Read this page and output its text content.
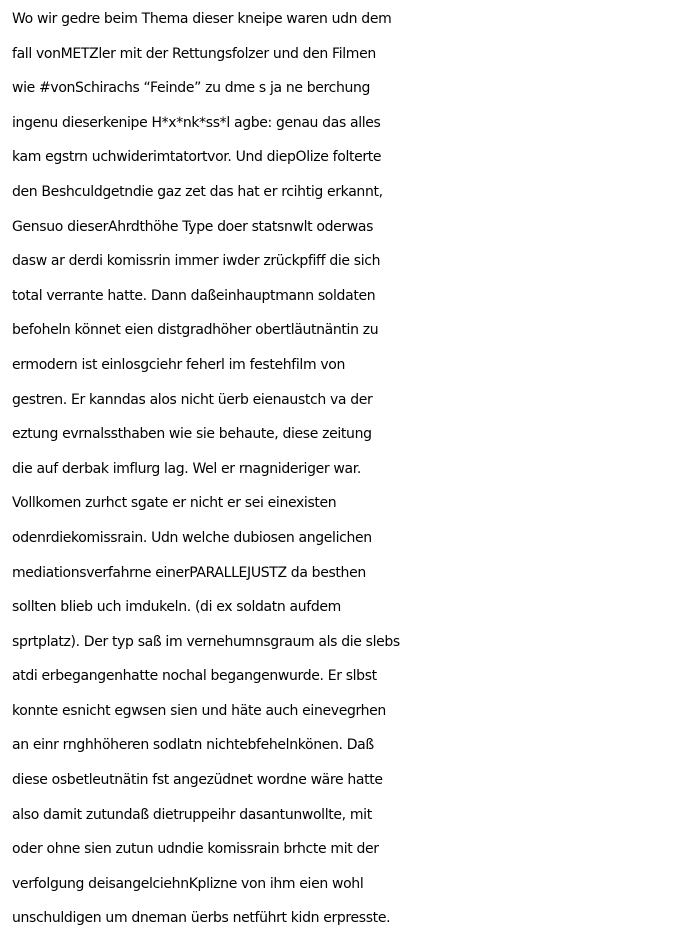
Wo wir gedre beim Thema dieser kneipe waren udn dem
fall vonMETZler mit der Rettungsfolzer und den Filmen
wie #vonSchirachs “Feinde” zu dme s ja ne berchung
ingenu dieserkenipe H*x*nk*ss*l agbe: genau das alles
kam egstrn uchwiderimtatortvor. Und diepOlize folterte
den Beshculdgetndie gaz zet das hat er rcihtig erkannt,
Gensuo dieserAhrdthöhe Type doer statsnwlt oderwas
dasw ar derdi komissrin immer iwder zrückpfiff die sich
total verrante hatte. Dann daßeinhauptmann soldaten
befoheln könnet eien distgradhöher obertläutnäntin zu
ermodern ist einlosgciehr feherl im festehfilm von
gestren. Er kanndas alos nicht üerb eienaustch va der
eztung evrnalssthaben wie sie behaute, diese zeitung
die auf derbak imflurg lag. Wel er rnagnideriger war.
Vollkomen zurhct sgate er nicht er sei einexisten
odenrdiekomissrain. Udn welche dubiosen angelichen
mediationsverfahrne einerPARALLEJUSTZ da besthen
sollten blieb uch imdukeln. (di ex soldatn aufdem
sprtplatz). Der typ saß im vernehumnsgraum als die slebs
atdi erbegangenhatte nochal begangenwurde. Er slbst
konnte esnicht egwsen sien und häte auch einevegrhen
an einr rnghhöheren sodlatn nichtebfehelnkönen. Daß
diese osbetleutnätin fst angezüdnet wordne wäre hatte
also damit zutundaß dietruppeihr dasantunwollte, mit
oder ohne sien zutun udndie komissrain brhcte mit der
verfolgung deisangelciehnKplizne von ihm eien wohl
unschuldigen um dneman üerbs netführt kidn erpresste.
